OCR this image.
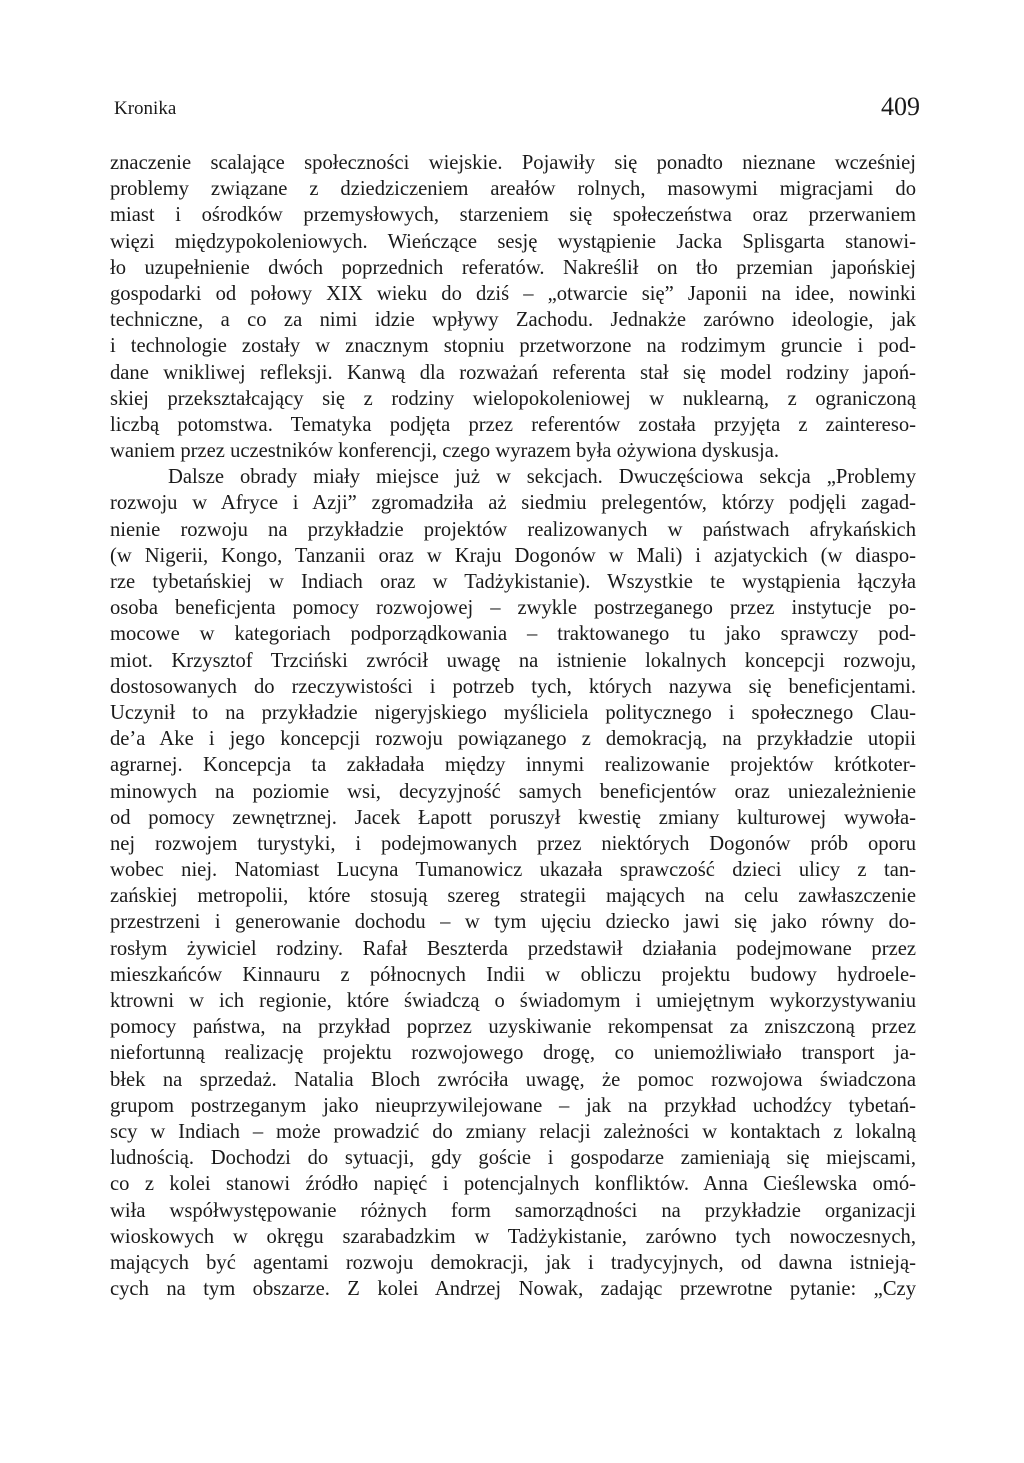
Kronika	409
znaczenie scalające społeczności wiejskie. Pojawiły się ponadto nieznane wcześniej
problemy związane z dziedziczeniem areałów rolnych, masowymi migracjami do
miast i ośrodków przemysłowych, starzeniem się społeczeństwa oraz przerwaniem
więzi międzypokoleniowych. Wieńczące sesję wystąpienie Jacka Splisgarta stanowi-
ło uzupełnienie dwóch poprzednich referatów. Nakreślił on tło przemian japońskiej
gospodarki od połowy XIX wieku do dziś – „otwarcie się” Japonii na idee, nowinki
techniczne, a co za nimi idzie wpływy Zachodu. Jednakże zarówno ideologie, jak
i technologie zostały w znacznym stopniu przetworzone na rodzimym gruncie i pod-
dane wnikliwej refleksji. Kanwą dla rozważań referenta stał się model rodziny japoń-
skiej przekształcający się z rodziny wielopokoleniowej w nuklearną, z ograniczoną
liczbą potomstwa. Tematyka podjęta przez referentów została przyjęta z zaintereso-
waniem przez uczestników konferencji, czego wyrazem była ożywiona dyskusja.
Dalsze obrady miały miejsce już w sekcjach. Dwuczęściowa sekcja „Problemy
rozwoju w Afryce i Azji” zgromadziła aż siedmiu prelegentów, którzy podjęli zagad-
nienie rozwoju na przykładzie projektów realizowanych w państwach afrykańskich
(w Nigerii, Kongo, Tanzanii oraz w Kraju Dogonów w Mali) i azjatyckich (w diaspo-
rze tybetańskiej w Indiach oraz w Tadżykistanie). Wszystkie te wystąpienia łączyła
osoba beneficjenta pomocy rozwojowej – zwykle postrzeganego przez instytucje po-
mocowe w kategoriach podporządkowania – traktowanego tu jako sprawczy pod-
miot. Krzysztof Trzciński zwrócił uwagę na istnienie lokalnych koncepcji rozwoju,
dostosowanych do rzeczywistości i potrzeb tych, których nazywa się beneficjentami.
Uczynił to na przykładzie nigeryjskiego myśliciela politycznego i społecznego Clau-
de’a Ake i jego koncepcji rozwoju powiązanego z demokracją, na przykładzie utopii
agrarnej. Koncepcja ta zakładała między innymi realizowanie projektów krótkoter-
minowych na poziomie wsi, decyzyjność samych beneficjentów oraz uniezależnienie
od pomocy zewnętrznej. Jacek Łapott poruszył kwestię zmiany kulturowej wywoła-
nej rozwojem turystyki, i podejmowanych przez niektórych Dogonów prób oporu
wobec niej. Natomiast Lucyna Tumanowicz ukazała sprawczość dzieci ulicy z tan-
zańskiej metropolii, które stosują szereg strategii mających na celu zawłaszczenie
przestrzeni i generowanie dochodu – w tym ujęciu dziecko jawi się jako równy do-
rosłym żywiciel rodziny. Rafał Beszterda przedstawił działania podejmowane przez
mieszkańców Kinnauru z północnych Indii w obliczu projektu budowy hydroele-
ktrowni w ich regionie, które świadczą o świadomym i umiejętnym wykorzystywaniu
pomocy państwa, na przykład poprzez uzyskiwanie rekompensat za zniszczoną przez
niefortunną realizację projektu rozwojowego drogę, co uniemożliwiało transport ja-
błek na sprzedaż. Natalia Bloch zwróciła uwagę, że pomoc rozwojowa świadczona
grupom postrzeganym jako nieuprzywilejowane – jak na przykład uchodźcy tybetań-
scy w Indiach – może prowadzić do zmiany relacji zależności w kontaktach z lokalną
ludnością. Dochodzi do sytuacji, gdy goście i gospodarze zamieniają się miejscami,
co z kolei stanowi źródło napięć i potencjalnych konfliktów. Anna Cieślewska omó-
wiła współwystępowanie różnych form samorządności na przykładzie organizacji
wioskowych w okręgu szarabadzkim w Tadżykistanie, zarówno tych nowoczesnych,
mających być agentami rozwoju demokracji, jak i tradycyjnych, od dawna istnieją-
cych na tym obszarze. Z kolei Andrzej Nowak, zadając przewrotne pytanie: „Czy
